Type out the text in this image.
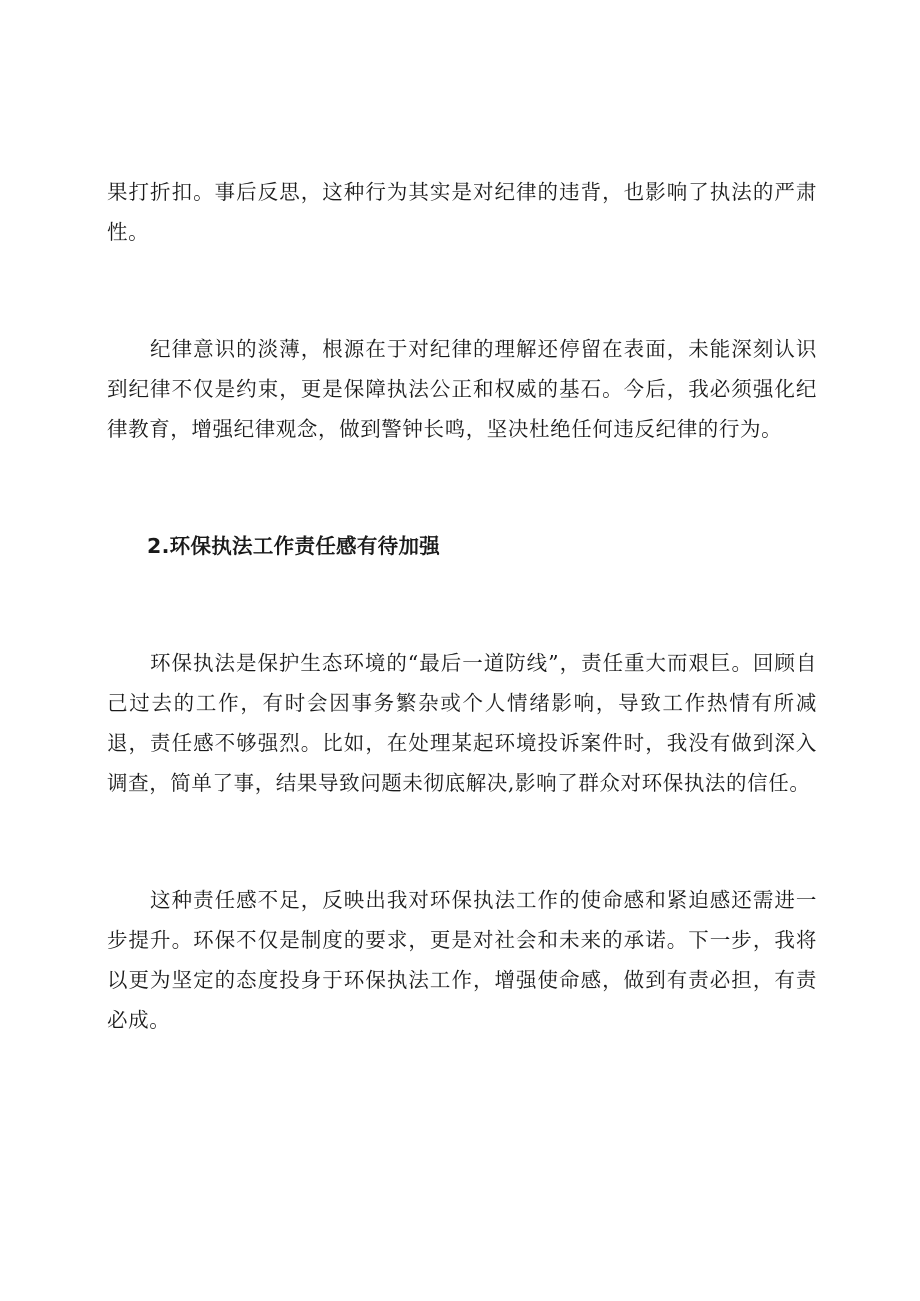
果打折扣。事后反思，这种行为其实是对纪律的违背，也影响了执法的严肃性。

纪律意识的淡薄，根源在于对纪律的理解还停留在表面，未能深刻认识到纪律不仅是约束，更是保障执法公正和权威的基石。今后，我必须强化纪律教育，增强纪律观念，做到警钟长鸣，坚决杜绝任何违反纪律的行为。

2.环保执法工作责任感有待加强

环保执法是保护生态环境的“最后一道防线”，责任重大而艰巨。回顾自己过去的工作，有时会因事务繁杂或个人情绪影响，导致工作热情有所减退，责任感不够强烈。比如，在处理某起环境投诉案件时，我没有做到深入调查，简单了事，结果导致问题未彻底解决,影响了群众对环保执法的信任。

这种责任感不足，反映出我对环保执法工作的使命感和紧迫感还需进一步提升。环保不仅是制度的要求，更是对社会和未来的承诺。下一步，我将以更为坚定的态度投身于环保执法工作，增强使命感，做到有责必担，有责必成。
